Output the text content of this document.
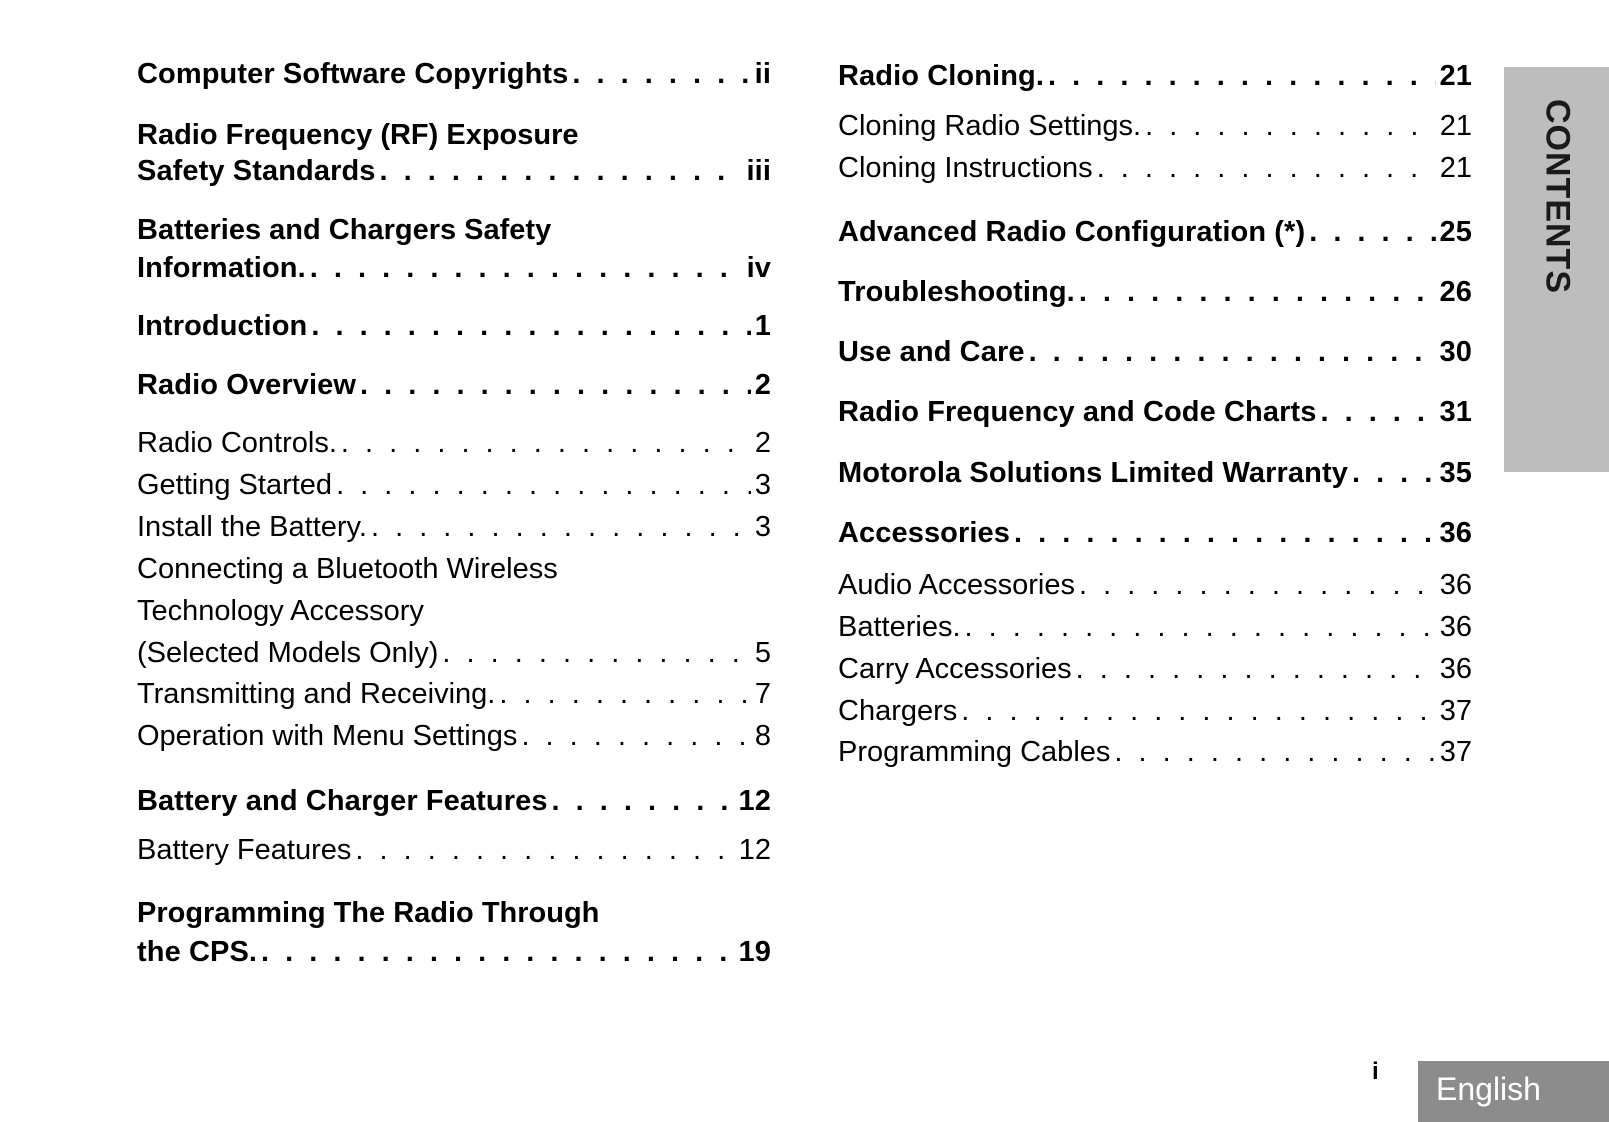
Computer Software Copyrights . . .	ii
Radio Frequency (RF) Exposure
Safety Standards . . .	iii
Batteries and Chargers Safety
Information. . . .	iv
Introduction . . .	1
Radio Overview . . .	2
Radio Controls. . . .	2
Getting Started . . .	3
Install the Battery. . . .	3
Connecting a Bluetooth Wireless
Technology Accessory
(Selected Models Only) . . .	5
Transmitting and Receiving. . . .	7
Operation with Menu Settings . . .	8
Battery and Charger Features . . .	12
Battery Features . . .	12
Programming The Radio Through
the CPS. . . .	19
Radio Cloning. . . .	21
Cloning Radio Settings. . . .	21
Cloning Instructions . . .	21
Advanced Radio Configuration (*) . . .	25
Troubleshooting. . . .	26
Use and Care . . .	30
Radio Frequency and Code Charts . . .	31
Motorola Solutions Limited Warranty . . .	35
Accessories . . .	36
Audio Accessories . . .	36
Batteries. . . .	36
Carry Accessories . . .	36
Chargers . . .	37
Programming Cables . . .	37
CONTENTS
i English
